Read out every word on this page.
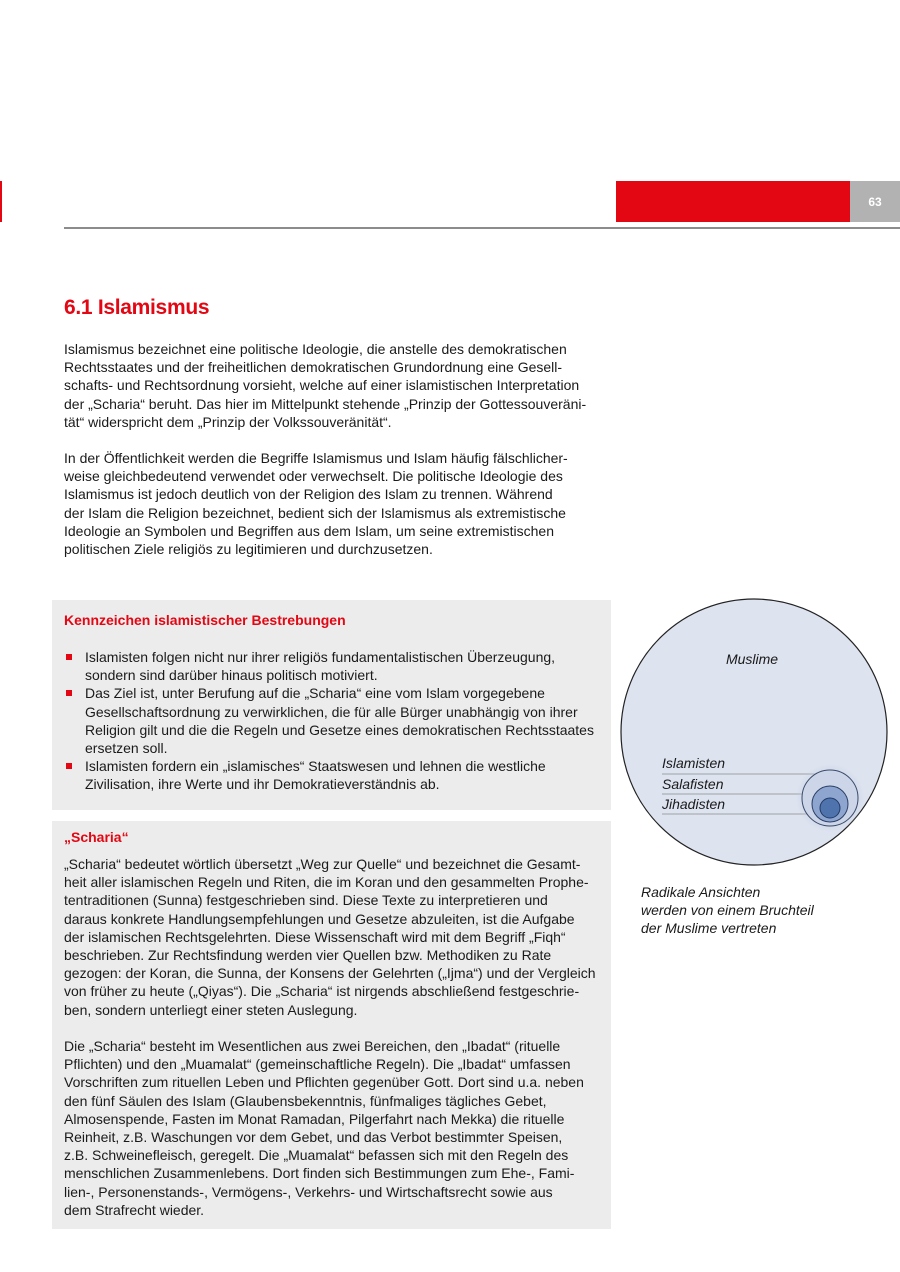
63
6.1 Islamismus
Islamismus bezeichnet eine politische Ideologie, die anstelle des demokratischen
Rechtsstaates und der freiheitlichen demokratischen Grundordnung eine Gesell-
schafts- und Rechtsordnung vorsieht, welche auf einer islamistischen Interpretation
der „Scharia“ beruht. Das hier im Mittelpunkt stehende „Prinzip der Gottessouveräni-
tät“ widerspricht dem „Prinzip der Volkssouveränität“.
In der Öffentlichkeit werden die Begriffe Islamismus und Islam häufig fälschlicher-
weise gleichbedeutend verwendet oder verwechselt. Die politische Ideologie des
Islamismus ist jedoch deutlich von der Religion des Islam zu trennen. Während
der Islam die Religion bezeichnet, bedient sich der Islamismus als extremistische
Ideologie an Symbolen und Begriffen aus dem Islam, um seine extremistischen
politischen Ziele religiös zu legitimieren und durchzusetzen.
Kennzeichen islamistischer Bestrebungen
Islamisten folgen nicht nur ihrer religiös fundamentalistischen Überzeugung,
sondern sind darüber hinaus politisch motiviert.
Das Ziel ist, unter Berufung auf die „Scharia“ eine vom Islam vorgegebene
Gesellschaftsordnung zu verwirklichen, die für alle Bürger unabhängig von ihrer
Religion gilt und die die Regeln und Gesetze eines demokratischen Rechtsstaates
ersetzen soll.
Islamisten fordern ein „islamisches“ Staatswesen und lehnen die westliche
Zivilisation, ihre Werte und ihr Demokratieverständnis ab.
„Scharia“
„Scharia“ bedeutet wörtlich übersetzt „Weg zur Quelle“ und bezeichnet die Gesamt-
heit aller islamischen Regeln und Riten, die im Koran und den gesammelten Prophe-
tentraditionen (Sunna) festgeschrieben sind. Diese Texte zu interpretieren und
daraus konkrete Handlungsempfehlungen und Gesetze abzuleiten, ist die Aufgabe
der islamischen Rechtsgelehrten. Diese Wissenschaft wird mit dem Begriff „Fiqh“
beschrieben. Zur Rechtsfindung werden vier Quellen bzw. Methodiken zu Rate
gezogen: der Koran, die Sunna, der Konsens der Gelehrten („Ijma“) und der Vergleich
von früher zu heute („Qiyas“). Die „Scharia“ ist nirgends abschließend festgeschrie-
ben, sondern unterliegt einer steten Auslegung.
Die „Scharia“ besteht im Wesentlichen aus zwei Bereichen, den „Ibadat“ (rituelle
Pflichten) und den „Muamalat“ (gemeinschaftliche Regeln). Die „Ibadat“ umfassen
Vorschriften zum rituellen Leben und Pflichten gegenüber Gott. Dort sind u.a. neben
den fünf Säulen des Islam (Glaubensbekenntnis, fünfmaliges tägliches Gebet,
Almosenspende, Fasten im Monat Ramadan, Pilgerfahrt nach Mekka) die rituelle
Reinheit, z.B. Waschungen vor dem Gebet, und das Verbot bestimmter Speisen,
z.B. Schweinefleisch, geregelt. Die „Muamalat“ befassen sich mit den Regeln des
menschlichen Zusammenlebens. Dort finden sich Bestimmungen zum Ehe-, Fami-
lien-, Personenstands-, Vermögens-, Verkehrs- und Wirtschaftsrecht sowie aus
dem Strafrecht wieder.
Muslime
Islamisten
Salafisten
Jihadisten
Radikale Ansichten
werden von einem Bruchteil
der Muslime vertreten
